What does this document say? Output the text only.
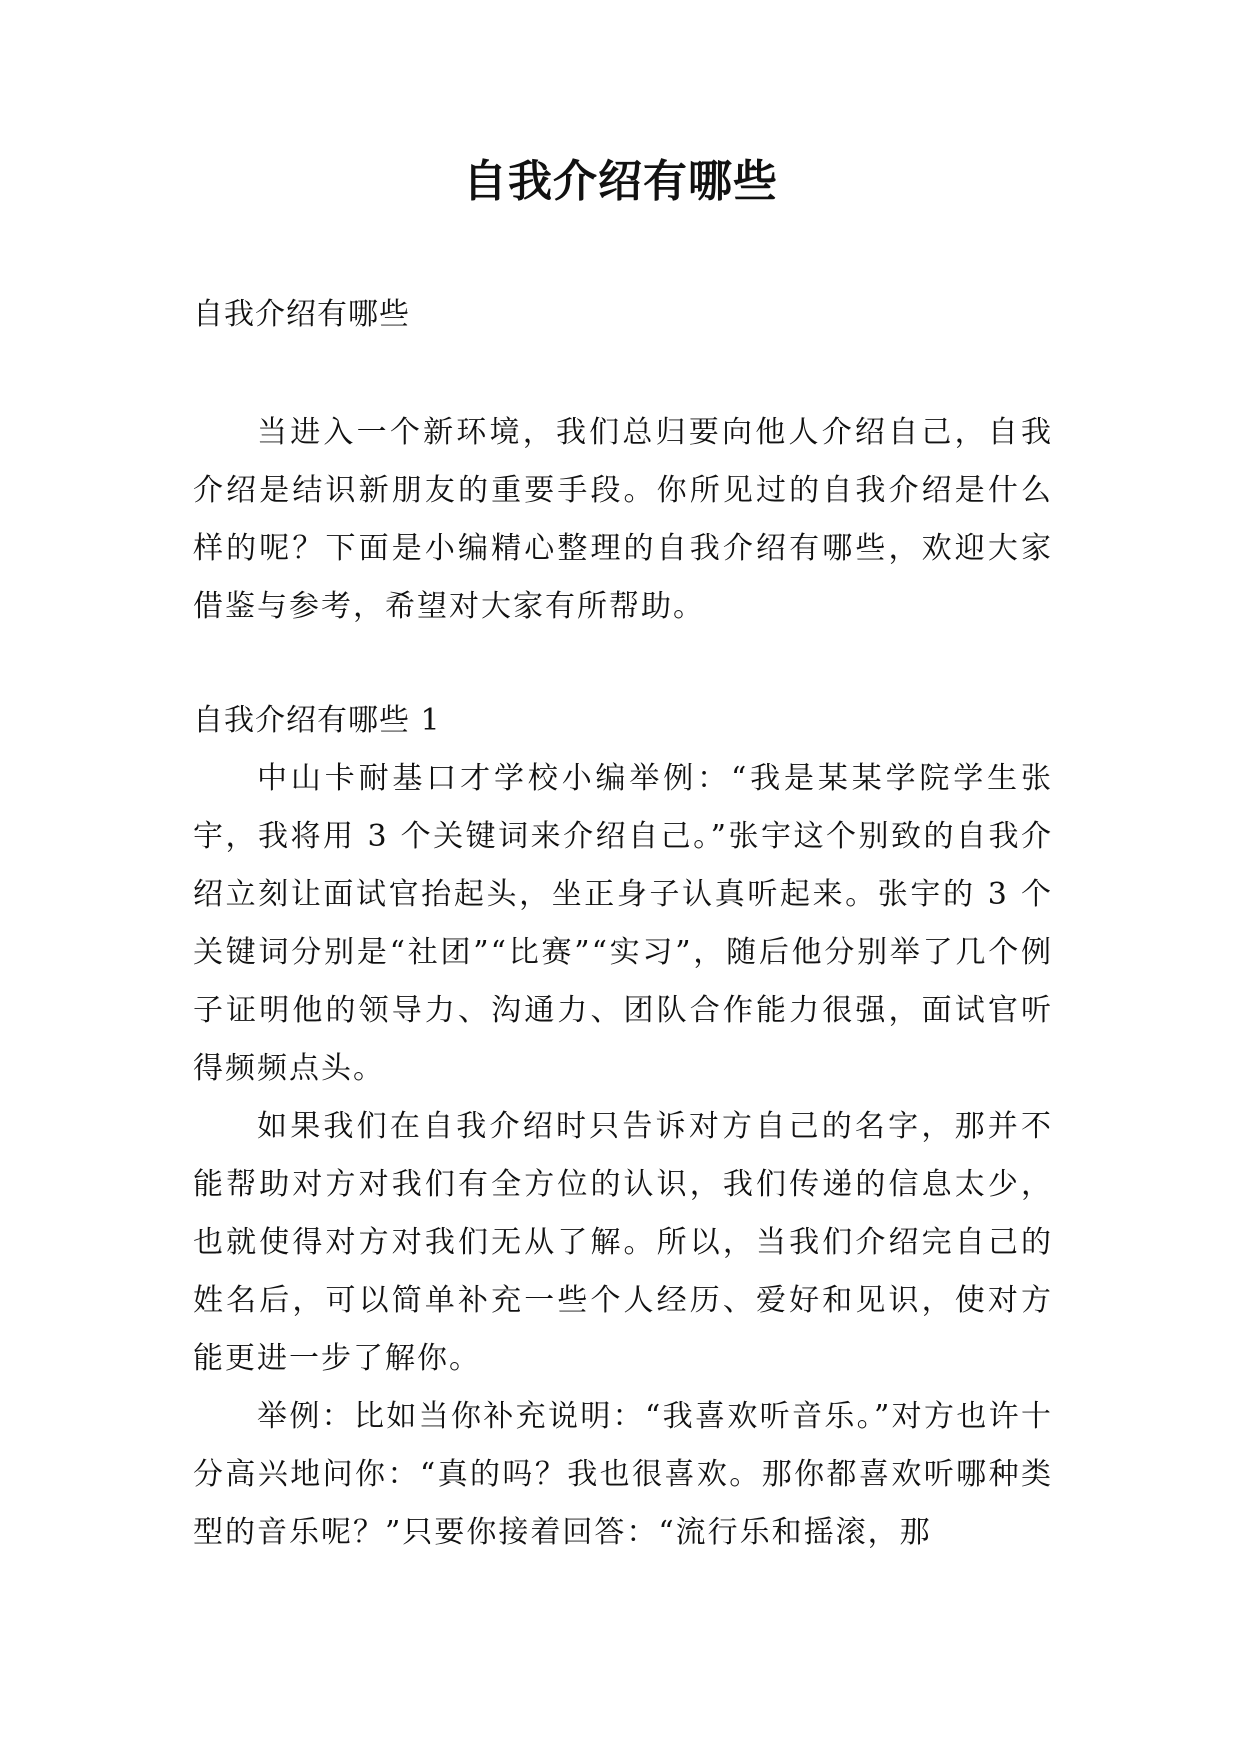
自我介绍有哪些

自我介绍有哪些

当进入一个新环境，我们总归要向他人介绍自己，自我介绍是结识新朋友的重要手段。你所见过的自我介绍是什么样的呢？下面是小编精心整理的自我介绍有哪些，欢迎大家借鉴与参考，希望对大家有所帮助。

自我介绍有哪些 1

中山卡耐基口才学校小编举例：“我是某某学院学生张宇，我将用 3 个关键词来介绍自己。”张宇这个别致的自我介绍立刻让面试官抬起头，坐正身子认真听起来。张宇的 3 个关键词分别是“社团”“比赛”“实习”，随后他分别举了几个例子证明他的领导力、沟通力、团队合作能力很强，面试官听得频频点头。

如果我们在自我介绍时只告诉对方自己的名字，那并不能帮助对方对我们有全方位的认识，我们传递的信息太少，也就使得对方对我们无从了解。所以，当我们介绍完自己的姓名后，可以简单补充一些个人经历、爱好和见识，使对方能更进一步了解你。

举例：比如当你补充说明：“我喜欢听音乐。”对方也许十分高兴地问你：“真的吗？我也很喜欢。那你都喜欢听哪种类型的音乐呢？”只要你接着回答：“流行乐和摇滚，那
